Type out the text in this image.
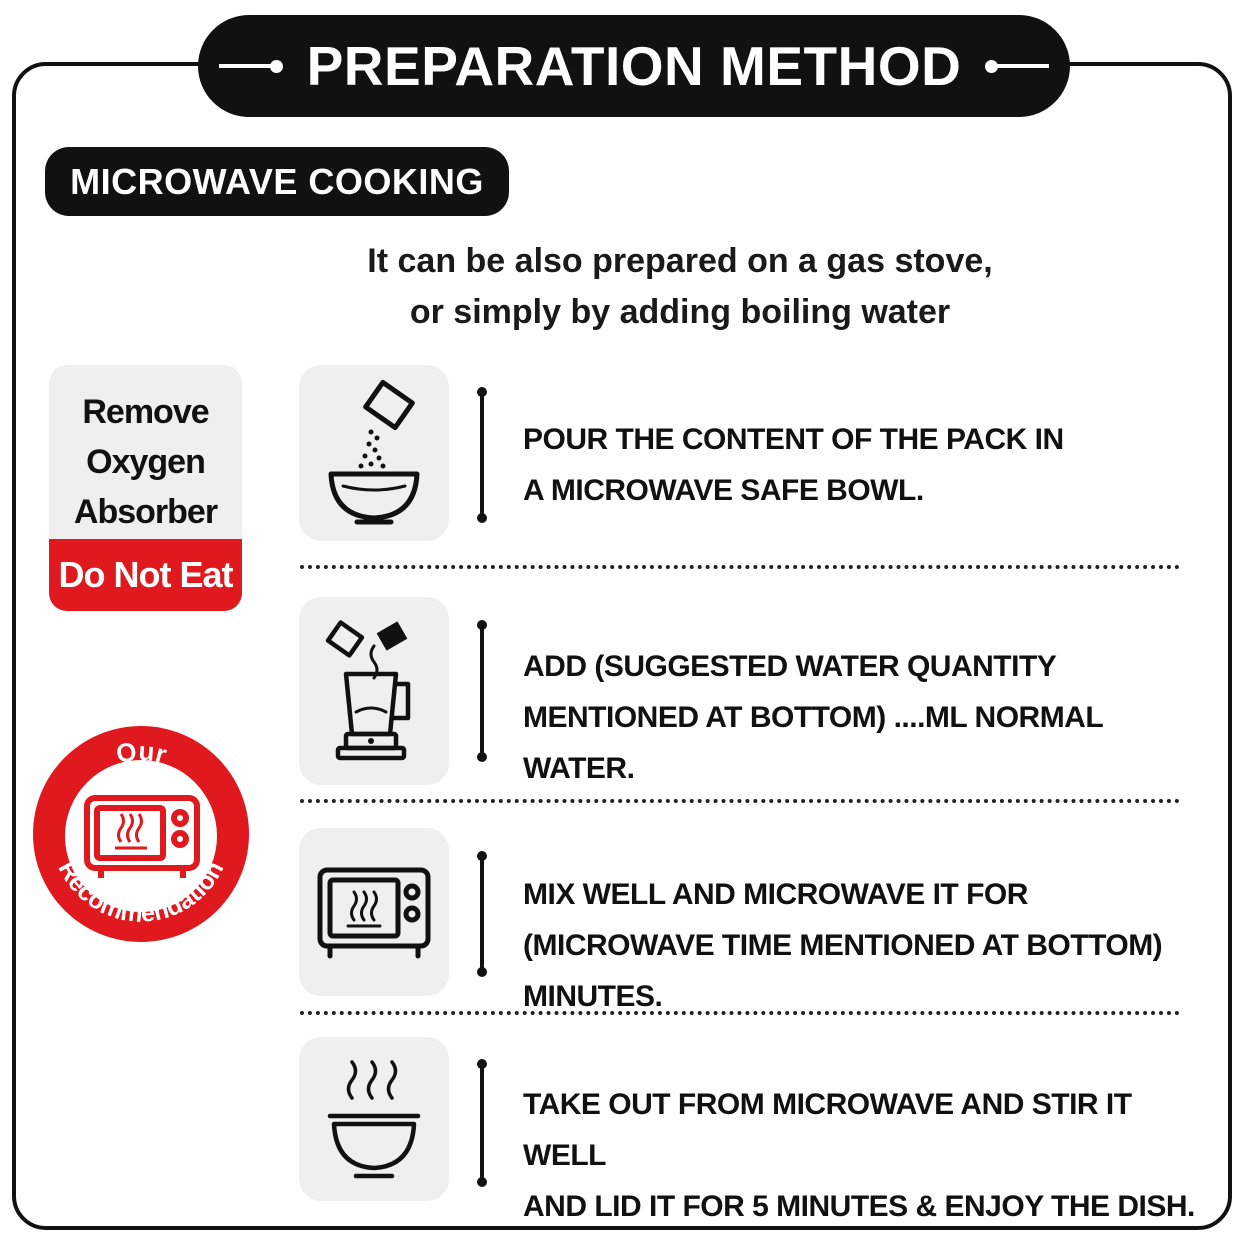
PREPARATION METHOD
MICROWAVE COOKING
It can be also prepared on a gas stove,
or simply by adding boiling water
Remove
Oxygen
Absorber
Do Not Eat
Our
Recommendation
POUR THE CONTENT OF THE PACK IN
A MICROWAVE SAFE BOWL.
ADD (SUGGESTED WATER QUANTITY
MENTIONED AT BOTTOM) ....ML NORMAL WATER.
MIX WELL AND MICROWAVE IT FOR
(MICROWAVE TIME MENTIONED AT BOTTOM) MINUTES.
TAKE OUT FROM MICROWAVE AND STIR IT WELL
AND LID IT FOR 5 MINUTES & ENJOY THE DISH.
